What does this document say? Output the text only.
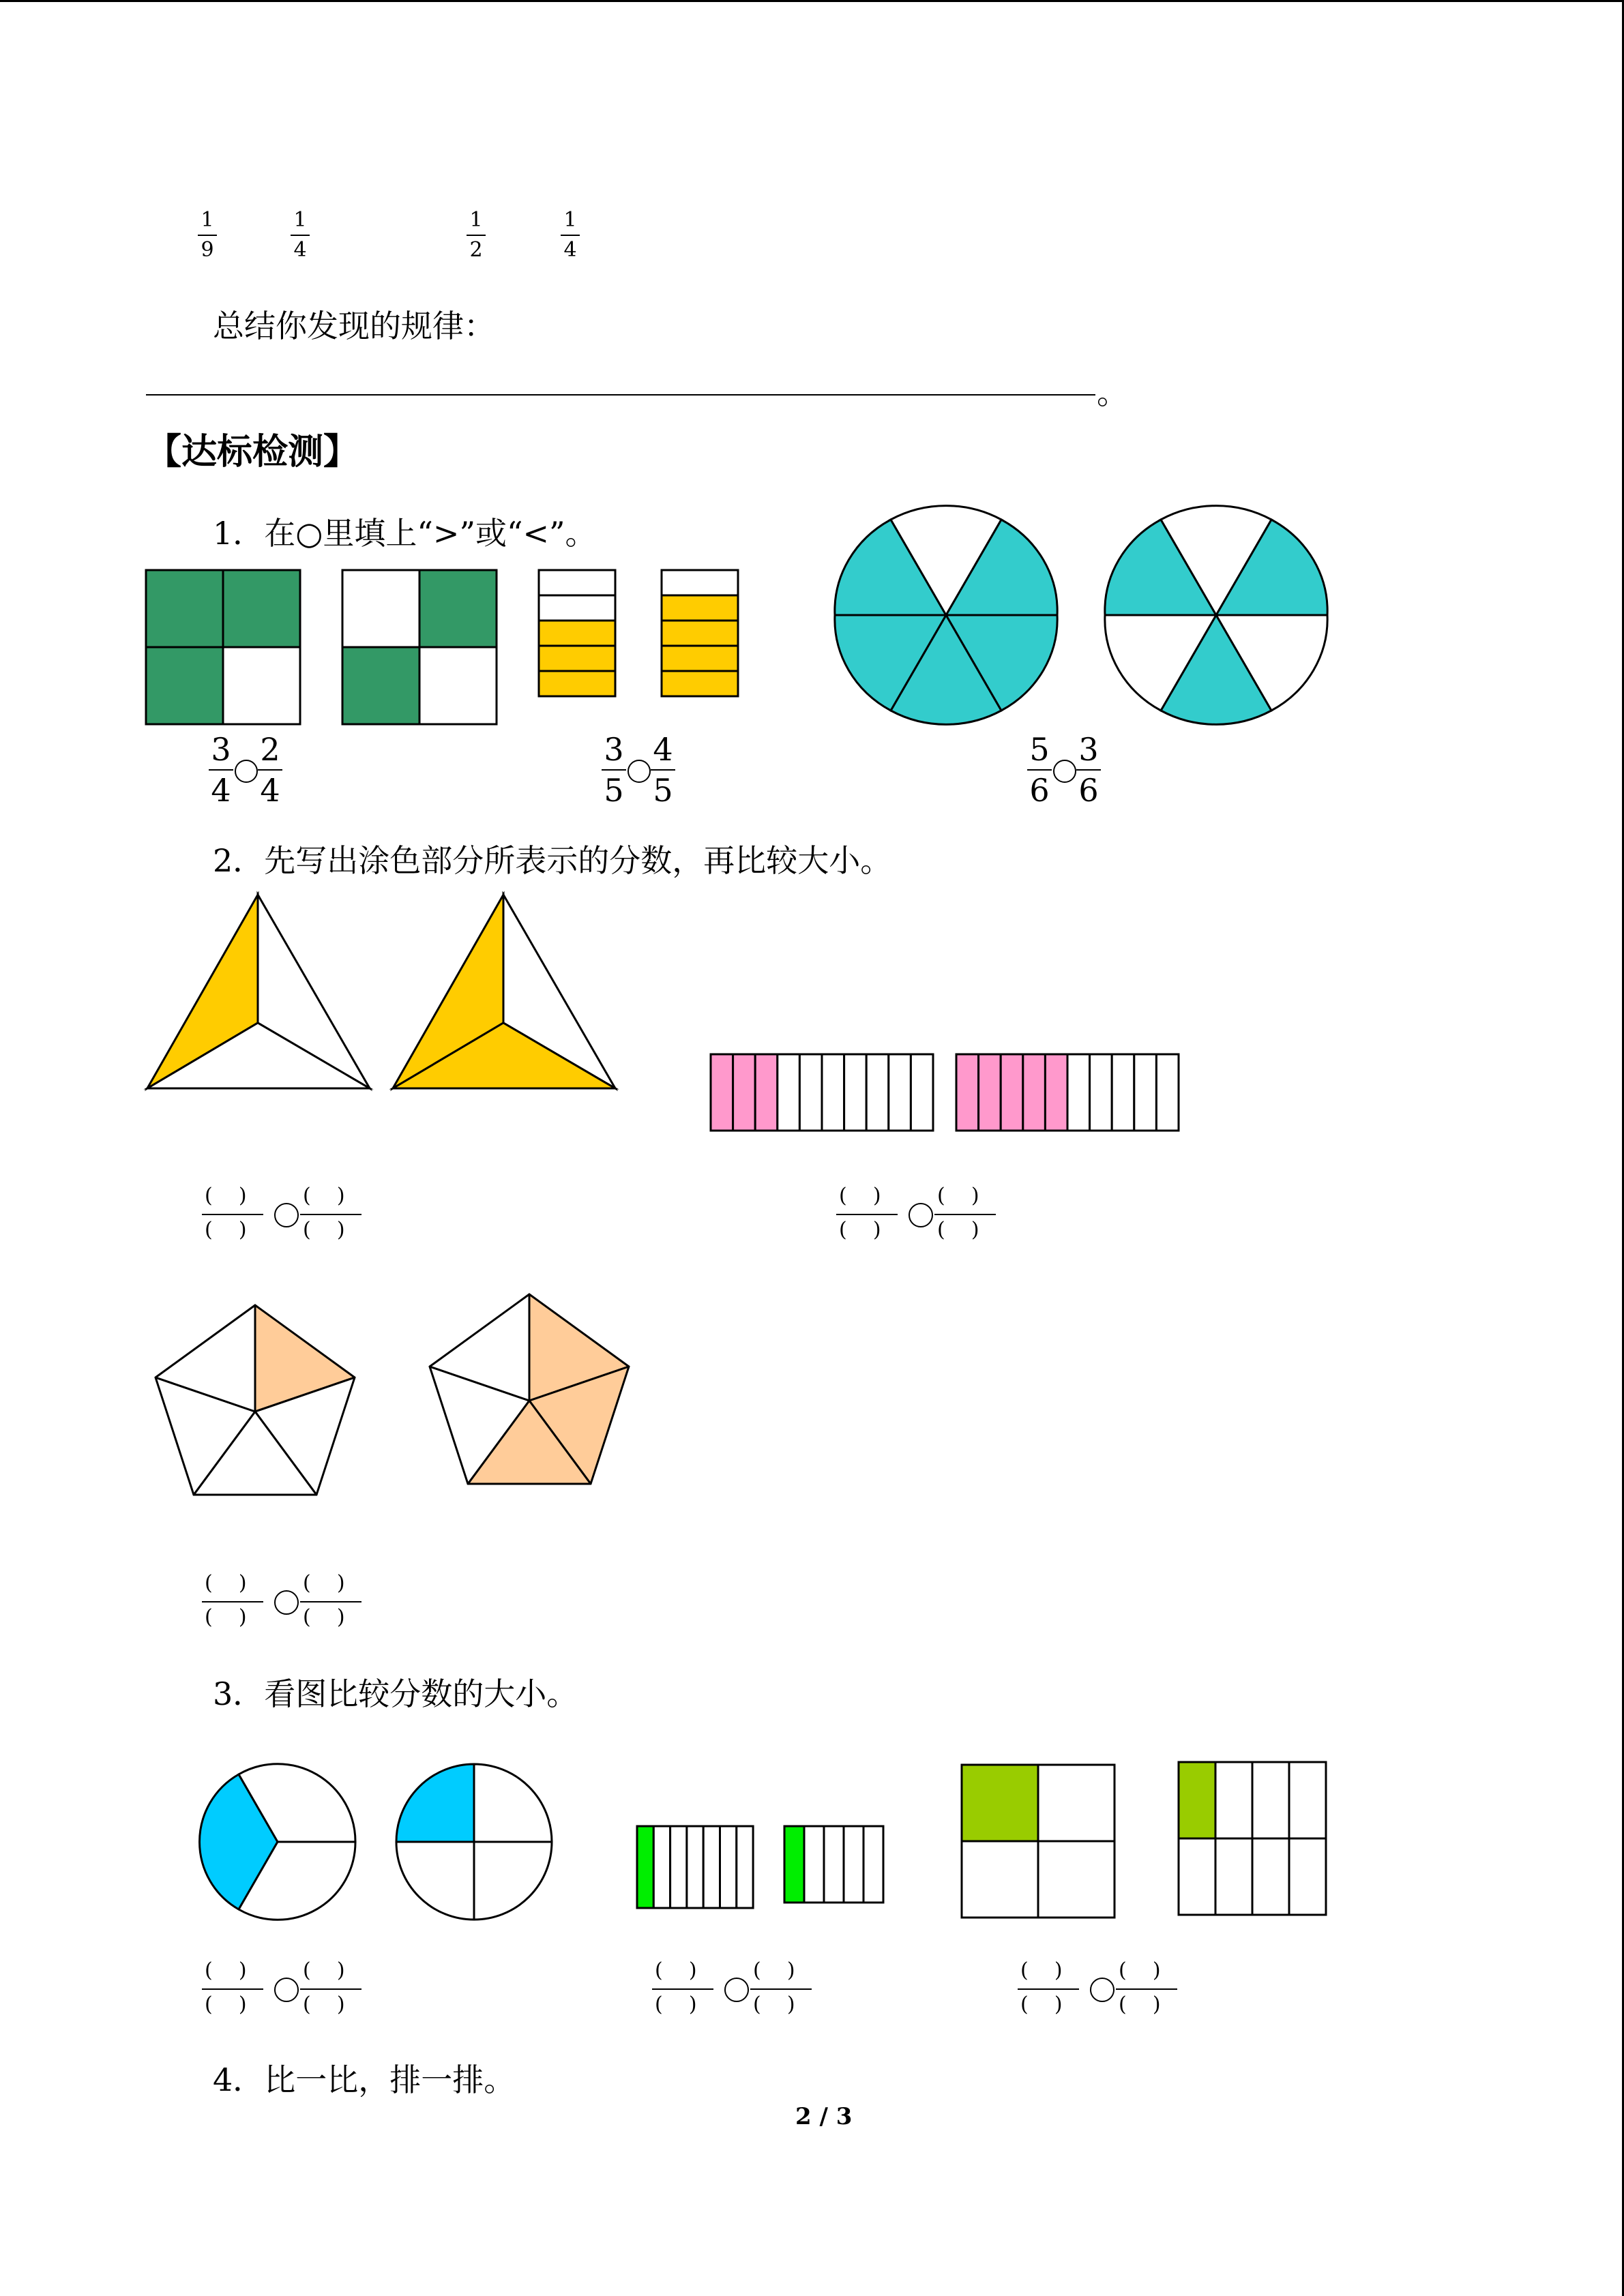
1
9
1
4
1
2
1
4
总结你发现的规律：
。
【达标检测】
1．在○里填上“>”或“<”。
3
4
2
4
3
5
4
5
5
6
3
6
2．先写出涂色部分所表示的分数，再比较大小。
(    )
(    )
(    )
(    )
(    )
(    )
(    )
(    )
(    )
(    )
(    )
(    )
3．看图比较分数的大小。
(    )
(    )
(    )
(    )
(    )
(    )
(    )
(    )
(    )
(    )
(    )
(    )
4．比一比，排一排。
2 / 3
